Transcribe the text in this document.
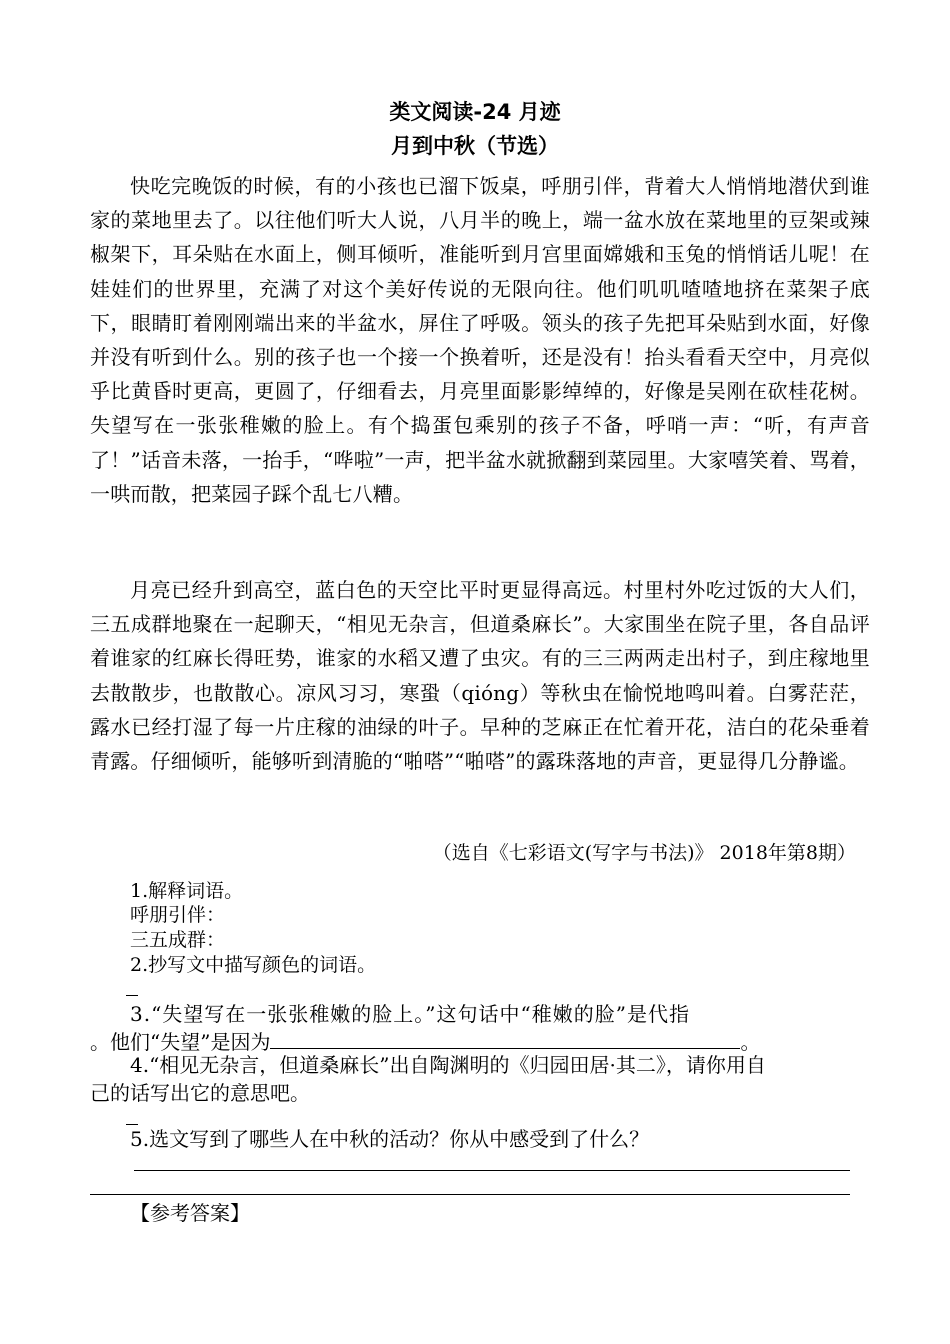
类文阅读-24 月迹
月到中秋（节选）

快吃完晚饭的时候，有的小孩也已溜下饭桌，呼朋引伴，背着大人悄悄地潜伏到谁家的菜地里去了。以往他们听大人说，八月半的晚上，端一盆水放在菜地里的豆架或辣椒架下，耳朵贴在水面上，侧耳倾听，准能听到月宫里面嫦娥和玉兔的悄悄话儿呢！在娃娃们的世界里，充满了对这个美好传说的无限向往。他们叽叽喳喳地挤在菜架子底下，眼睛盯着刚刚端出来的半盆水，屏住了呼吸。领头的孩子先把耳朵贴到水面，好像并没有听到什么。别的孩子也一个接一个换着听，还是没有！抬头看看天空中，月亮似乎比黄昏时更高，更圆了，仔细看去，月亮里面影影绰绰的，好像是吴刚在砍桂花树。失望写在一张张稚嫩的脸上。有个捣蛋包乘别的孩子不备，呼哨一声：“听，有声音了！”话音未落，一抬手，“哗啦”一声，把半盆水就掀翻到菜园里。大家嘻笑着、骂着，一哄而散，把菜园子踩个乱七八糟。

月亮已经升到高空，蓝白色的天空比平时更显得高远。村里村外吃过饭的大人们，三五成群地聚在一起聊天，“相见无杂言，但道桑麻长”。大家围坐在院子里，各自品评着谁家的红麻长得旺势，谁家的水稻又遭了虫灾。有的三三两两走出村子，到庄稼地里去散散步，也散散心。凉风习习，寒蛩（qióng）等秋虫在愉悦地鸣叫着。白雾茫茫，露水已经打湿了每一片庄稼的油绿的叶子。早种的芝麻正在忙着开花，洁白的花朵垂着青露。仔细倾听，能够听到清脆的“啪嗒”“啪嗒”的露珠落地的声音，更显得几分静谧。

（选自《七彩语文(写字与书法)》 2018年第8期）
1.解释词语。
呼朋引伴：
三五成群：
2.抄写文中描写颜色的词语。
3.“失望写在一张张稚嫩的脸上。”这句话中“稚嫩的脸”是代指
。他们“失望”是因为	。
4.“相见无杂言，但道桑麻长”出自陶渊明的《归园田居·其二》，请你用自
己的话写出它的意思吧。
5.选文写到了哪些人在中秋的活动？你从中感受到了什么？
【参考答案】
